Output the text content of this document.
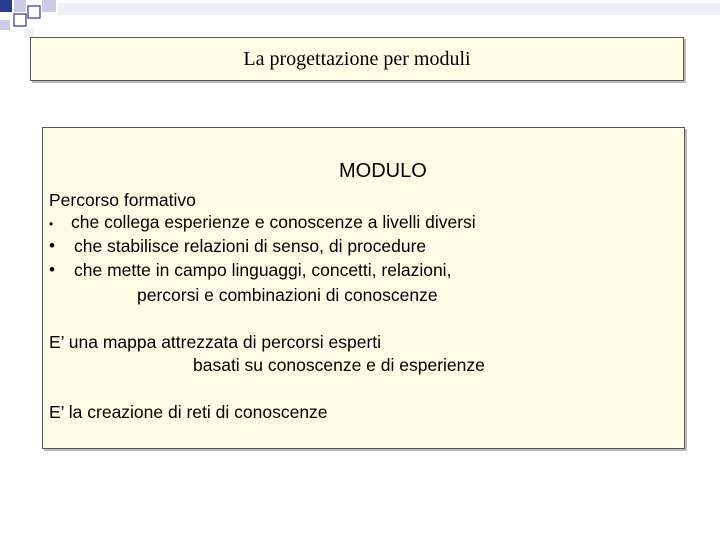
La progettazione per moduli
MODULO
Percorso formativo
• che collega esperienze e conoscenze a livelli diversi
• che stabilisce relazioni di senso, di procedure
• che mette in campo linguaggi, concetti, relazioni,
percorsi e combinazioni di conoscenze
E’ una mappa attrezzata di percorsi esperti
basati su conoscenze e di esperienze
E’ la creazione di reti di conoscenze
